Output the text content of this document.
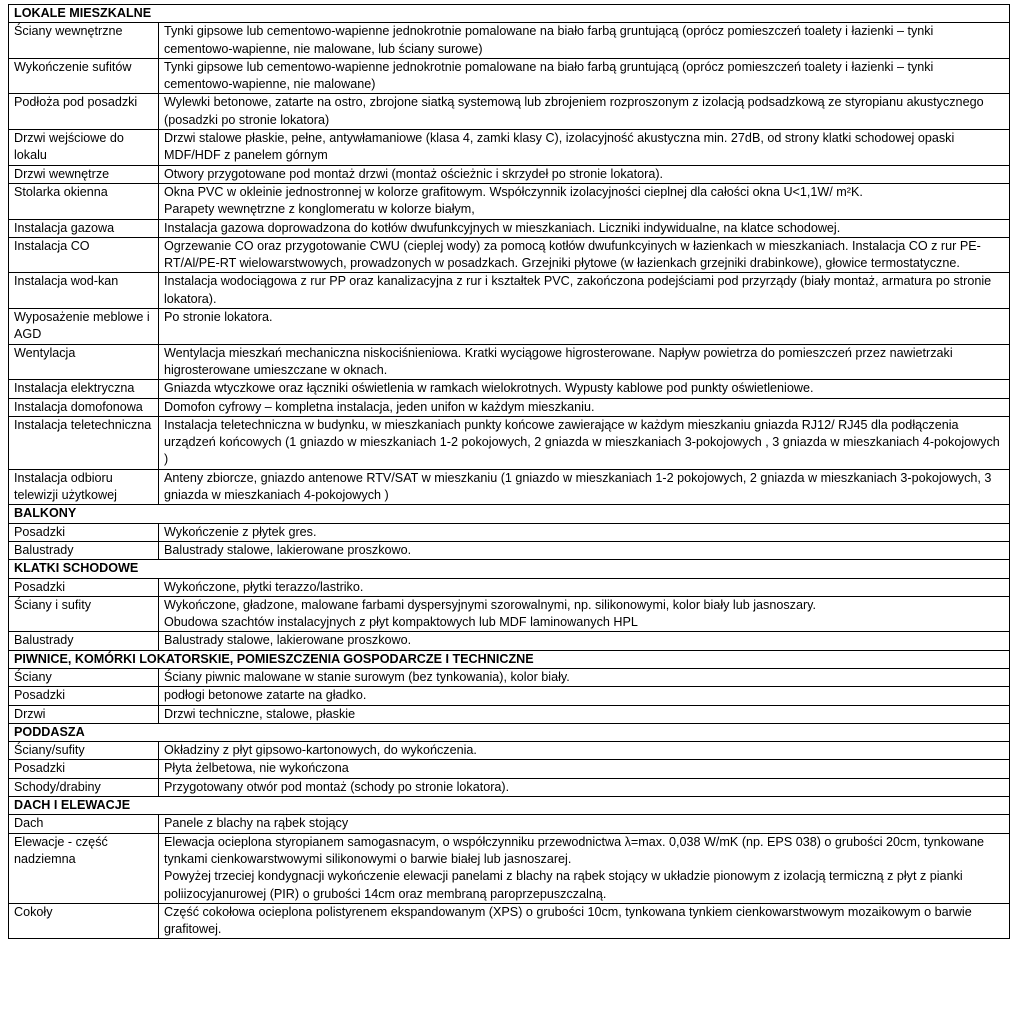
LOKALE MIESZKALNE	
Ściany wewnętrzne	Tynki gipsowe lub cementowo-wapienne jednokrotnie pomalowane na biało farbą gruntującą (oprócz pomieszczeń toalety i łazienki – tynki cementowo-wapienne, nie malowane, lub ściany surowe)

Wykończenie sufitów	Tynki gipsowe lub cementowo-wapienne jednokrotnie pomalowane na biało farbą gruntującą (oprócz pomieszczeń toalety i łazienki – tynki cementowo-wapienne, nie malowane)

Podłoża pod posadzki	Wylewki betonowe, zatarte na ostro, zbrojone siatką systemową lub zbrojeniem rozproszonym z izolacją podsadzkową ze styropianu akustycznego (posadzki po stronie lokatora)

Drzwi wejściowe do lokalu	Drzwi stalowe płaskie, pełne, antywłamaniowe (klasa 4, zamki klasy C), izolacyjność akustyczna min. 27dB, od strony klatki schodowej opaski MDF/HDF z panelem górnym

Drzwi wewnętrze	Otwory przygotowane pod montaż drzwi (montaż ościeżnic i skrzydeł po stronie lokatora).

Stolarka okienna	Okna PVC w okleinie jednostronnej w kolorze grafitowym. Współczynnik izolacyjności cieplnej dla całości okna U<1,1W/ m²K.
Parapety wewnętrzne z konglomeratu w kolorze białym,

Instalacja gazowa	Instalacja gazowa doprowadzona do kotłów dwufunkcyjnych w mieszkaniach. Liczniki indywidualne, na klatce schodowej.

Instalacja CO	Ogrzewanie CO oraz przygotowanie CWU (cieplej wody) za pomocą kotłów dwufunkcyinych w łazienkach w mieszkaniach. Instalacja CO z rur PE-RT/Al/PE-RT wielowarstwowych, prowadzonych w posadzkach. Grzejniki płytowe (w łazienkach grzejniki drabinkowe), głowice termostatyczne.

Instalacja wod-kan	Instalacja wodociągowa z rur PP oraz kanalizacyjna z rur i kształtek PVC, zakończona podejściami pod przyrządy (biały montaż, armatura po stronie lokatora).

Wyposażenie meblowe i AGD	Po stronie lokatora.

Wentylacja	Wentylacja mieszkań mechaniczna niskociśnieniowa. Kratki wyciągowe higrosterowane. Napływ powietrza do pomieszczeń przez nawietrzaki higrosterowane umieszczane w oknach.

Instalacja elektryczna	Gniazda wtyczkowe oraz łączniki oświetlenia w ramkach wielokrotnych. Wypusty kablowe pod punkty oświetleniowe.

Instalacja domofonowa	Domofon cyfrowy – kompletna instalacja, jeden unifon w każdym mieszkaniu.

Instalacja teletechniczna	Instalacja teletechniczna w budynku, w mieszkaniach punkty końcowe zawierające w każdym mieszkaniu gniazda RJ12/ RJ45 dla podłączenia urządzeń końcowych (1 gniazdo w mieszkaniach 1-2 pokojowych, 2 gniazda w mieszkaniach 3-pokojowych , 3 gniazda w mieszkaniach 4-pokojowych )

Instalacja odbioru telewizji użytkowej	Anteny zbiorcze, gniazdo antenowe RTV/SAT w mieszkaniu (1 gniazdo w mieszkaniach 1-2 pokojowych, 2 gniazda w mieszkaniach 3-pokojowych, 3 gniazda w mieszkaniach 4-pokojowych )

BALKONY	
Posadzki	Wykończenie z płytek gres.

Balustrady	Balustrady stalowe, lakierowane proszkowo.

KLATKI SCHODOWE	
Posadzki	Wykończone, płytki terazzo/lastriko.

Ściany i sufity	Wykończone, gładzone, malowane farbami dyspersyjnymi szorowalnymi, np. silikonowymi, kolor biały lub jasnoszary.
Obudowa szachtów instalacyjnych z płyt kompaktowych lub MDF laminowanych HPL

Balustrady	Balustrady stalowe, lakierowane proszkowo.

PIWNICE, KOMÓRKI LOKATORSKIE, POMIESZCZENIA GOSPODARCZE I TECHNICZNE	
Ściany	Ściany piwnic malowane w stanie surowym (bez tynkowania), kolor biały.

Posadzki	podłogi betonowe zatarte na gładko.

Drzwi	Drzwi techniczne, stalowe, płaskie

PODDASZA	
Ściany/sufity	Okładziny z płyt gipsowo-kartonowych, do wykończenia.

Posadzki	Płyta żelbetowa, nie wykończona

Schody/drabiny	Przygotowany otwór pod montaż (schody po stronie lokatora).

DACH I ELEWACJE	
Dach	Panele z blachy na rąbek stojący

Elewacje - część nadziemna	Elewacja ocieplona styropianem samogasnacym, o współczynniku przewodnictwa λ=max. 0,038 W/mK (np. EPS 038) o grubości 20cm, tynkowane tynkami cienkowarstwowymi silikonowymi o barwie białej lub jasnoszarej.
Powyżej trzeciej kondygnacji wykończenie elewacji panelami z blachy na rąbek stojący w układzie pionowym z izolacją termiczną z płyt z pianki poliizocyjanurowej (PIR) o grubości 14cm oraz membraną paroprzepuszczalną.

Cokoły	Część cokołowa ocieplona polistyrenem ekspandowanym (XPS) o grubości 10cm, tynkowana tynkiem cienkowarstwowym mozaikowym o barwie grafitowej.
